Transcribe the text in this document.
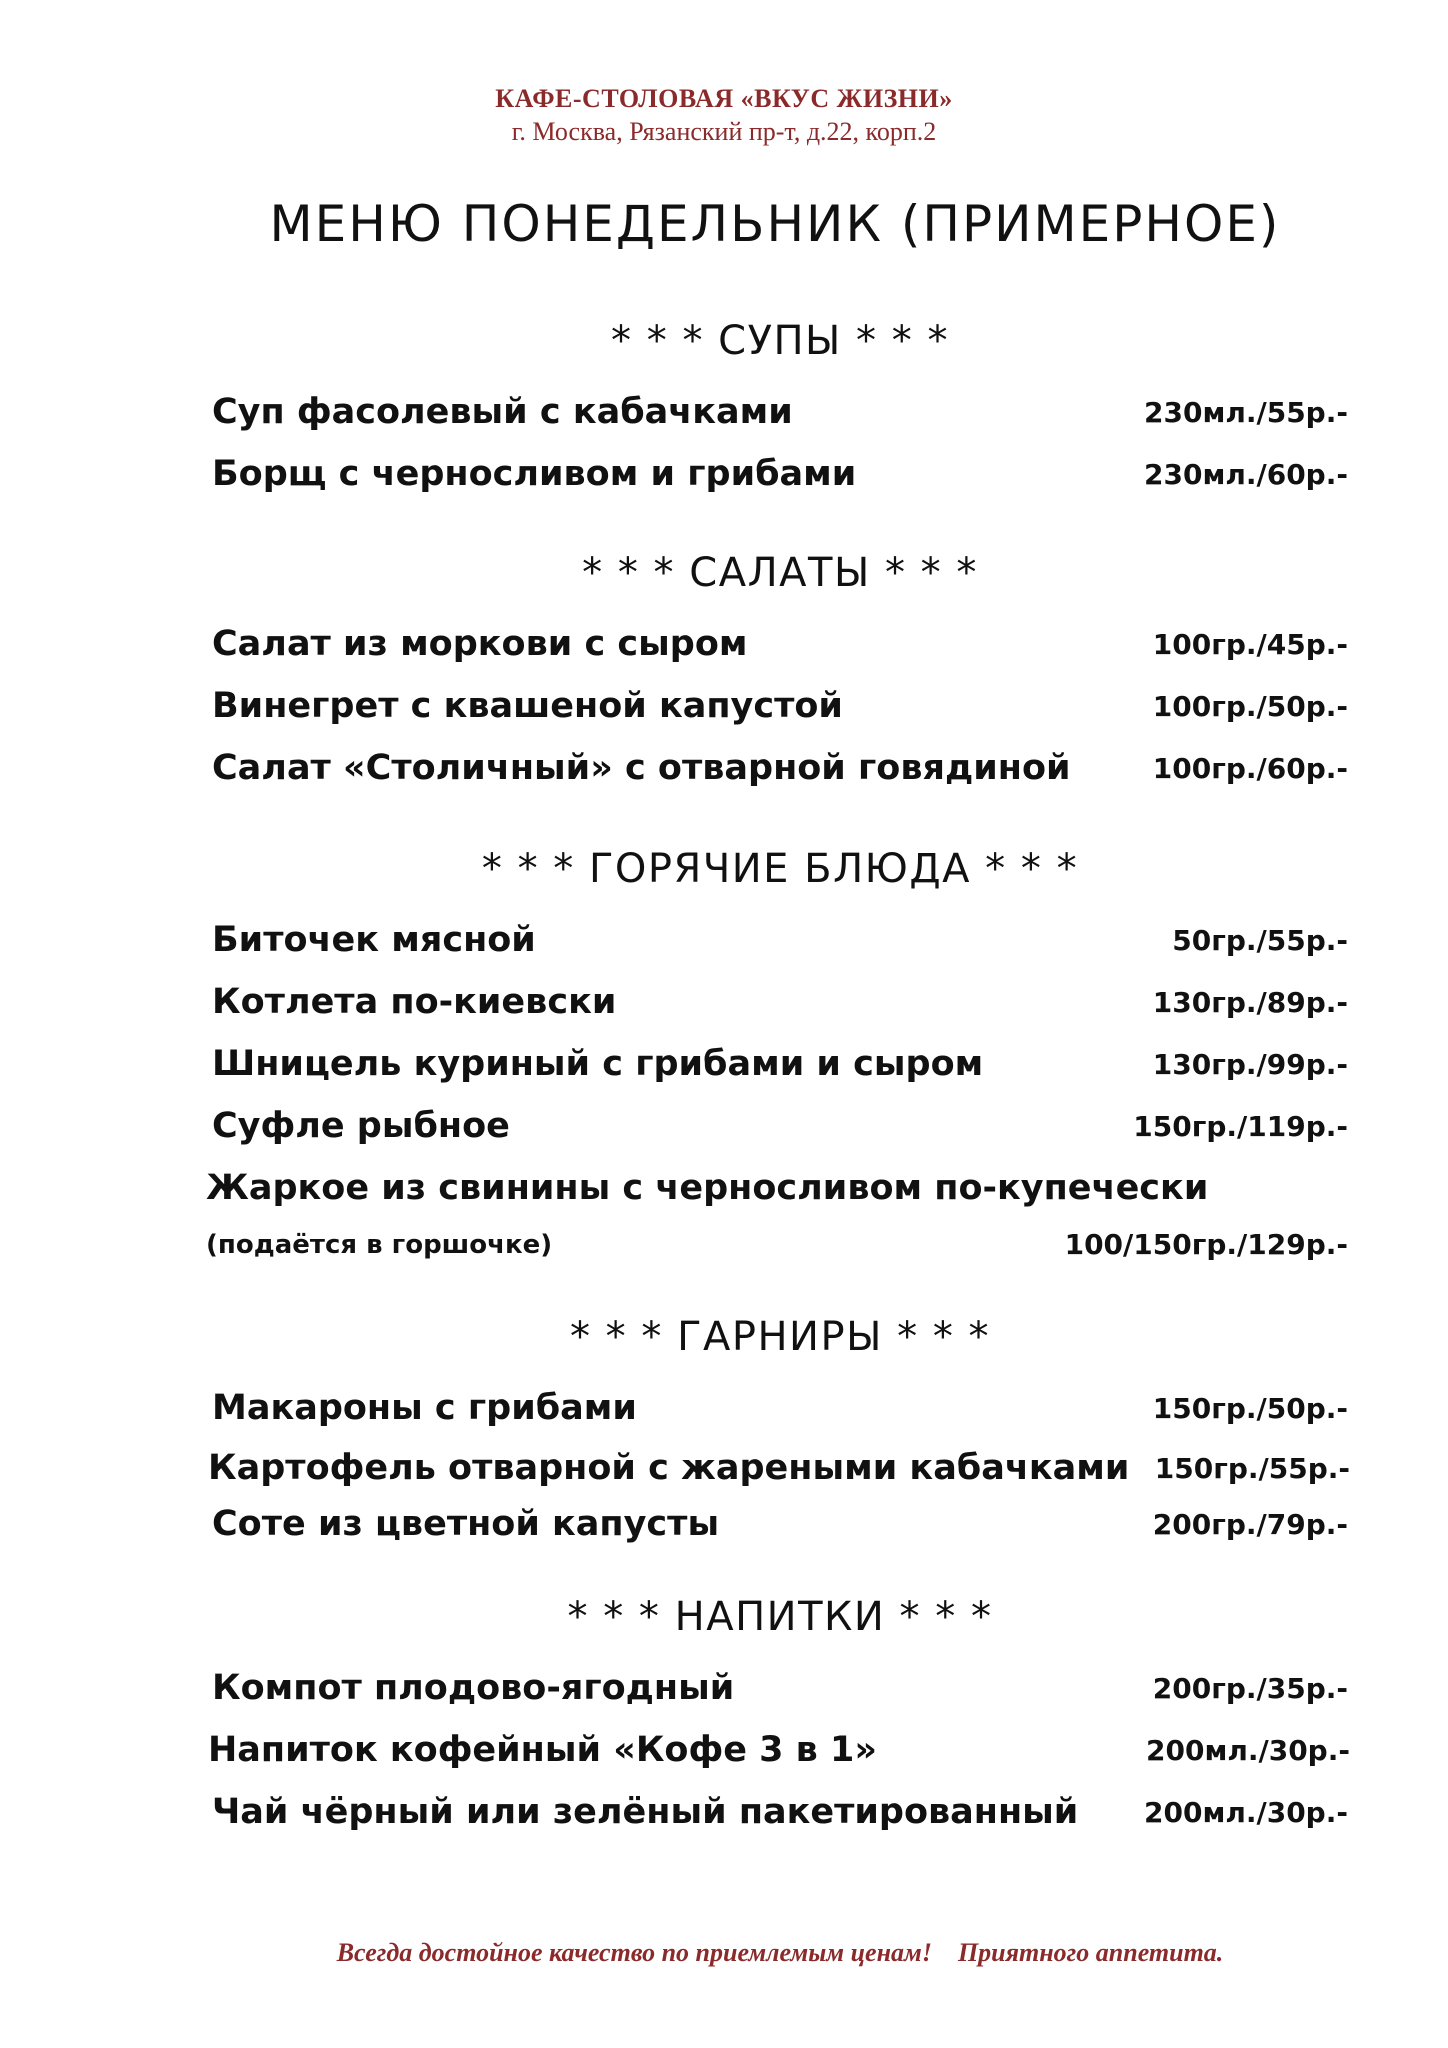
КАФЕ-СТОЛОВАЯ «ВКУС ЖИЗНИ»
г. Москва, Рязанский пр-т, д.22, корп.2
МЕНЮ ПОНЕДЕЛЬНИК (ПРИМЕРНОЕ)
* * * СУПЫ * * *
Суп фасолевый с кабачками	230мл./55р.-
Борщ с черносливом и грибами	230мл./60р.-
* * * САЛАТЫ * * *
Салат из моркови с сыром	100гр./45р.-
Винегрет с квашеной капустой	100гр./50р.-
Салат «Столичный» с отварной говядиной	100гр./60р.-
* * * ГОРЯЧИЕ БЛЮДА * * *
Биточек мясной	50гр./55р.-
Котлета по-киевски	130гр./89р.-
Шницель куриный с грибами и сыром	130гр./99р.-
Суфле рыбное	150гр./119р.-
Жаркое из свинины с черносливом по-купечески
(подаётся в горшочке)	100/150гр./129р.-
* * * ГАРНИРЫ * * *
Макароны с грибами	150гр./50р.-
Картофель отварной с жареными кабачками 150гр./55р.-
Соте из цветной капусты	200гр./79р.-
* * * НАПИТКИ * * *
Компот плодово-ягодный	200гр./35р.-
Напиток кофейный «Кофе 3 в 1»	200мл./30р.-
Чай чёрный или зелёный пакетированный 200мл./30р.-
Всегда достойное качество по приемлемым ценам! Приятного аппетита.
